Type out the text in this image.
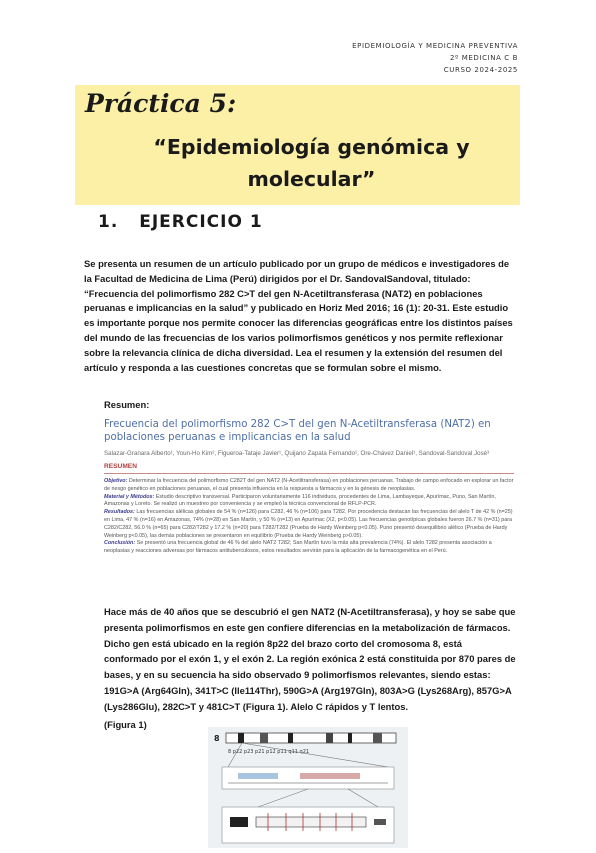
EPIDEMIOLOGÍA Y MEDICINA PREVENTIVA
2º MEDICINA C B
CURSO 2024-2025
Práctica 5:
“Epidemiología genómica y
molecular”
1. EJERCICIO 1
Se presenta un resumen de un artículo publicado por un grupo de médicos e investigadores de la Facultad de Medicina de Lima (Perú) dirigidos por el Dr. SandovalSandoval, titulado: “Frecuencia del polimorfismo 282 C>T del gen N-Acetiltransferasa (NAT2) en poblaciones peruanas e implicancias en la salud” y publicado en Horiz Med 2016; 16 (1): 20-31. Este estudio es importante porque nos permite conocer las diferencias geográficas entre los distintos países del mundo de las frecuencias de los varios polimorfismos genéticos y nos permite reflexionar sobre la relevancia clínica de dicha diversidad. Lea el resumen y la extensión del resumen del artículo y responda a las cuestiones concretas que se formulan sobre el mismo.
Resumen:
Frecuencia del polimorfismo 282 C>T del gen N-Acetiltransferasa (NAT2) en poblaciones peruanas e implicancias en la salud
Salazar-Granara Alberto¹, Youn-Ho Kim², Figueroa-Tataje Javier¹, Quijano Zapata Fernando¹, Ore-Chávez Daniel¹, Sandoval-Sandoval José³
RESUMEN
Objetivo: Determinar la frecuencia del polimorfismo C282T del gen NAT2 (N-Acetiltransferasa) en poblaciones peruanas. Trabajo de campo enfocado en explorar un factor de riesgo genético en poblaciones peruanas, el cual presenta influencia en la respuesta a fármacos y en la génesis de neoplasias.
Material y Métodos: Estudio descriptivo transversal. Participaron voluntariamente 116 individuos, procedentes de Lima, Lambayeque, Apurímac, Puno, San Martín, Amazonas y Loreto. Se realizó un muestreo por conveniencia y se empleó la técnica convencional de RFLP-PCR.
Resultados: Las frecuencias alélicas globales de 54 % (n=126) para C282, 46 % (n=106) para T282. Por procedencia destacan las frecuencias del alelo T de 42 % (n=25) en Lima, 47 % (n=16) en Amazonas, 74% (n=28) en San Martín, y 50 % (n=13) en Apurímac (X2, p<0.05). Las frecuencias genotípicas globales fueron 26.7 % (n=31) para C282/C282, 56.0 % (n=65) para C282/T282 y 17.2 % (n=20) para T282/T282 (Prueba de Hardy Weinberg p<0.05). Puno presentó desequilibrio alélico (Prueba de Hardy Weinberg p<0.05), las demás poblaciones se presentaron en equilibrio (Prueba de Hardy Weinberg p>0.05).
Conclusión: Se presentó una frecuencia global de 46 % del alelo NAT2 T282; San Martín tuvo la más alta prevalencia (74%). El alelo T282 presenta asociación a neoplasias y reacciones adversas por fármacos antituberculosos, estos resultados servirán para la aplicación de la farmacogenética en el Perú.
Hace más de 40 años que se descubrió el gen NAT2 (N-Acetiltransferasa), y hoy se sabe que presenta polimorfismos en este gen confiere diferencias en la metabolización de fármacos. Dicho gen está ubicado en la región 8p22 del brazo corto del cromosoma 8, está conformado por el exón 1, y el exón 2. La región exónica 2 está constituida por 870 pares de bases, y en su secuencia ha sido observado 9 polimorfismos relevantes, siendo estas: 191G>A (Arg64Gln), 341T>C (Ile114Thr), 590G>A (Arg197Gln), 803A>G (Lys268Arg), 857G>A (Lys286Glu), 282C>T y 481C>T (Figura 1). Alelo C rápidos y T lentos.
(Figura 1)
8
8 p22 p23 p21 p12 p11 q11 q21
